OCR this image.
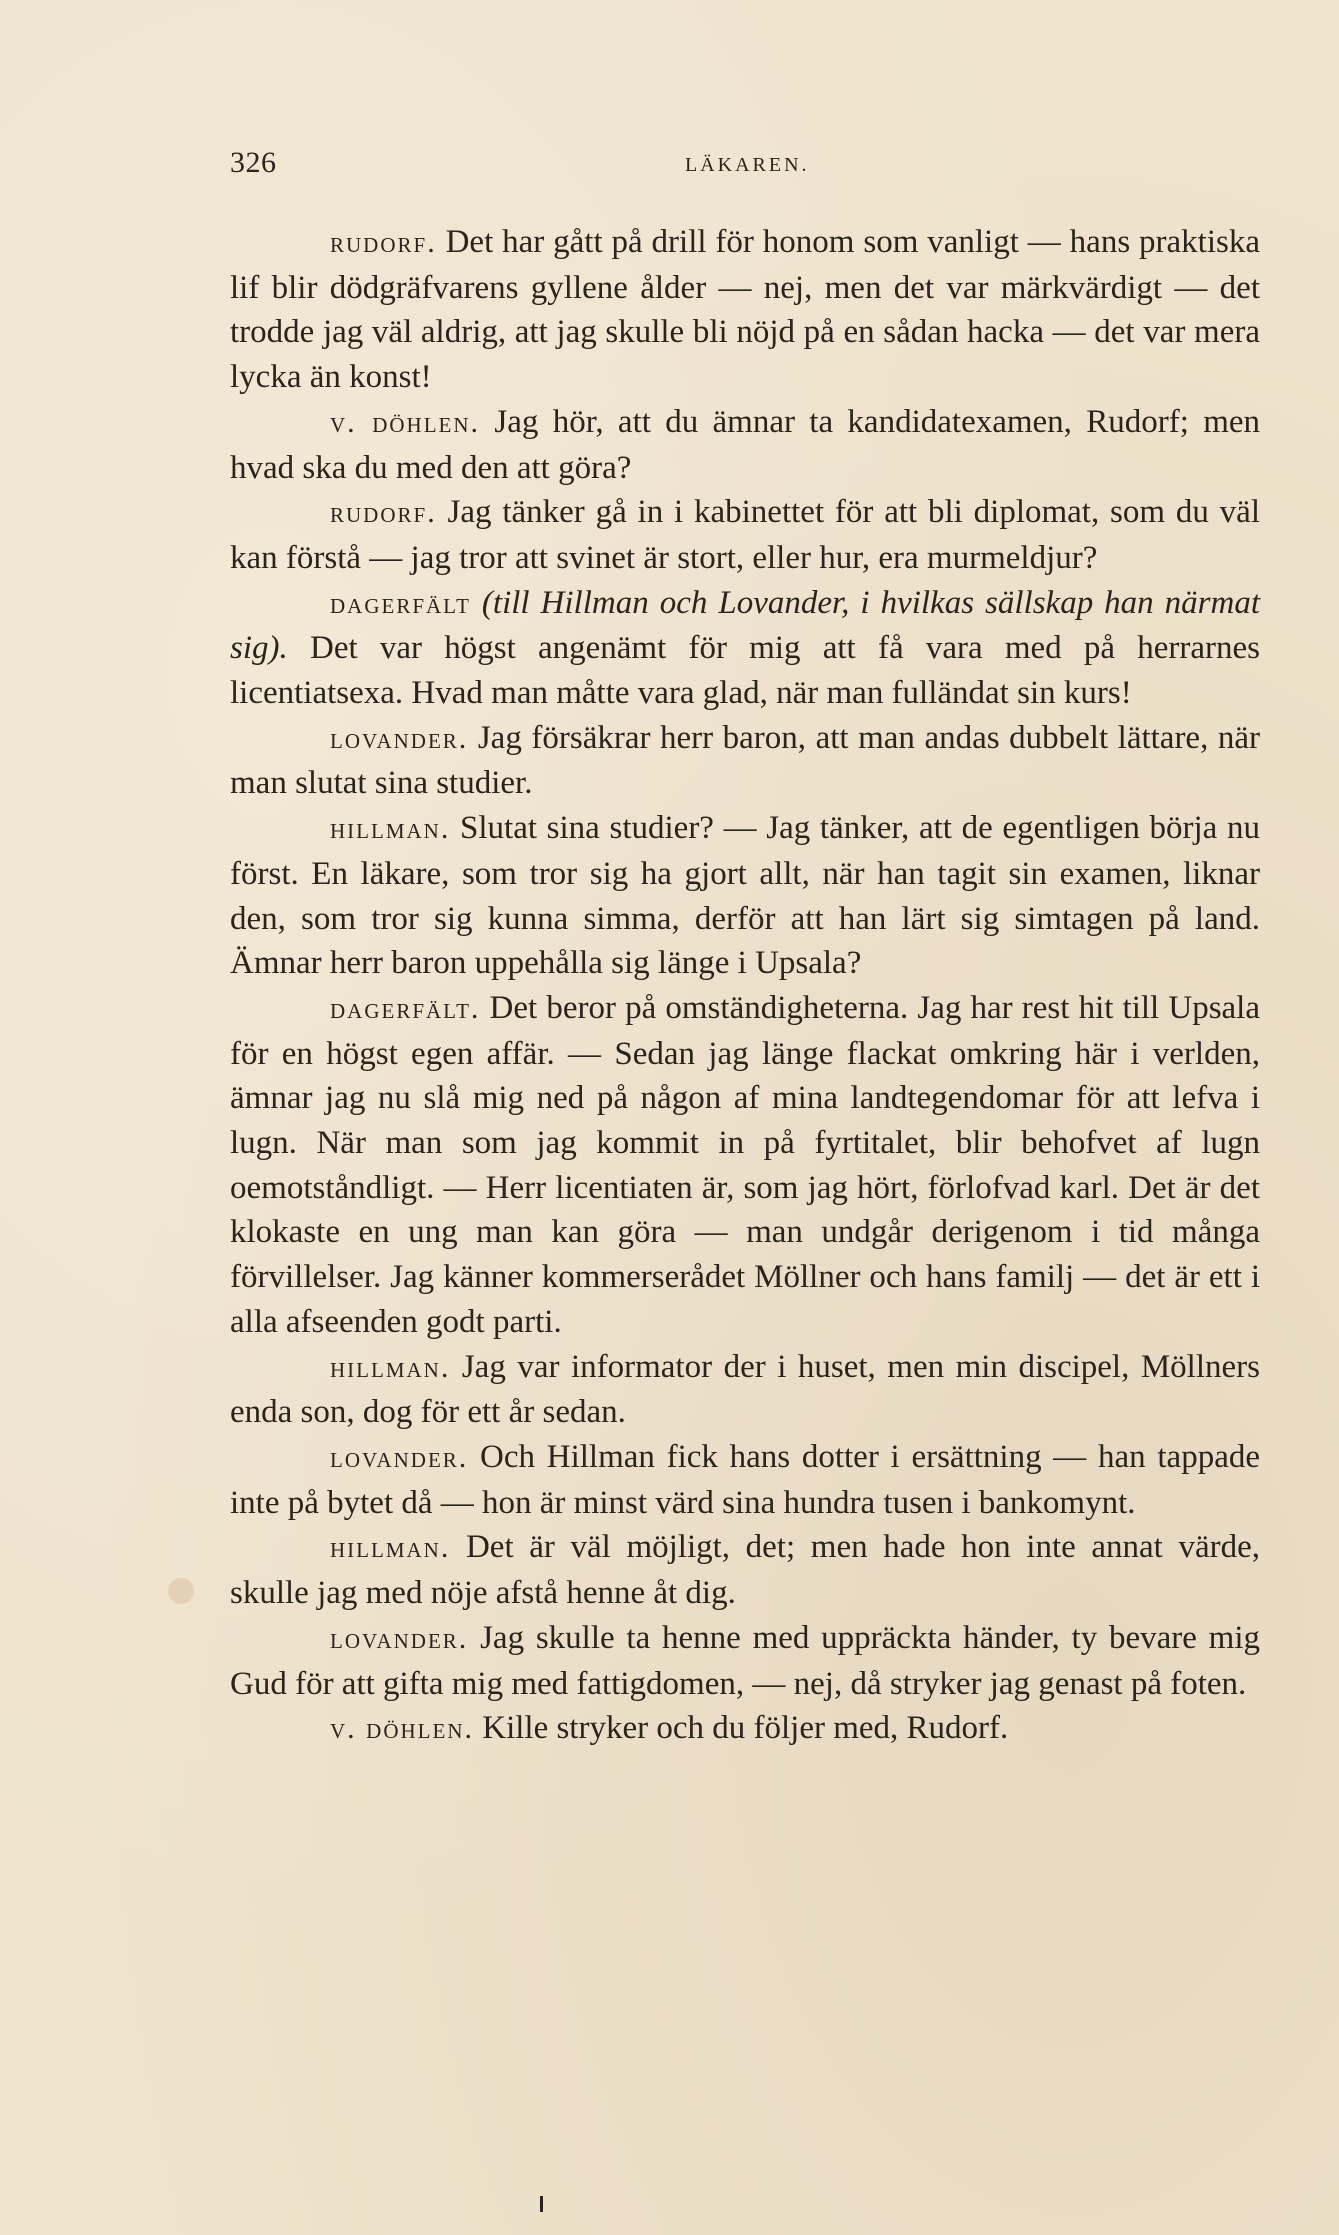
326	LÄKAREN.

rudorf. Det har gått på drill för honom som vanligt — hans praktiska lif blir dödgräfvarens gyllene ålder — nej, men det var märkvärdigt — det trodde jag väl aldrig, att jag skulle bli nöjd på en sådan hacka — det var mera lycka än konst!

v. döhlen. Jag hör, att du ämnar ta kandidatexamen, Rudorf; men hvad ska du med den att göra?

rudorf. Jag tänker gå in i kabinettet för att bli diplomat, som du väl kan förstå — jag tror att svinet är stort, eller hur, era murmeldjur?

dagerfält (till Hillman och Lovander, i hvilkas sällskap han närmat sig). Det var högst angenämt för mig att få vara med på herrarnes licentiatsexa. Hvad man måtte vara glad, när man fulländat sin kurs!

lovander. Jag försäkrar herr baron, att man andas dubbelt lättare, när man slutat sina studier.

hillman. Slutat sina studier? — Jag tänker, att de egentligen börja nu först. En läkare, som tror sig ha gjort allt, när han tagit sin examen, liknar den, som tror sig kunna simma, derför att han lärt sig simtagen på land. Ämnar herr baron uppehålla sig länge i Upsala?

dagerfält. Det beror på omständigheterna. Jag har rest hit till Upsala för en högst egen affär. — Sedan jag länge flackat omkring här i verlden, ämnar jag nu slå mig ned på någon af mina landtegendomar för att lefva i lugn. När man som jag kommit in på fyrtitalet, blir behofvet af lugn oemotståndligt. — Herr licentiaten är, som jag hört, förlofvad karl. Det är det klokaste en ung man kan göra — man undgår derigenom i tid många förvillelser. Jag känner kommerserådet Möllner och hans familj — det är ett i alla afseenden godt parti.

hillman. Jag var informator der i huset, men min discipel, Möllners enda son, dog för ett år sedan.

lovander. Och Hillman fick hans dotter i ersättning — han tappade inte på bytet då — hon är minst värd sina hundra tusen i bankomynt.

hillman. Det är väl möjligt, det; men hade hon inte annat värde, skulle jag med nöje afstå henne åt dig.

lovander. Jag skulle ta henne med uppräckta händer, ty bevare mig Gud för att gifta mig med fattigdomen, — nej, då stryker jag genast på foten.

v. döhlen. Kille stryker och du följer med, Rudorf.
